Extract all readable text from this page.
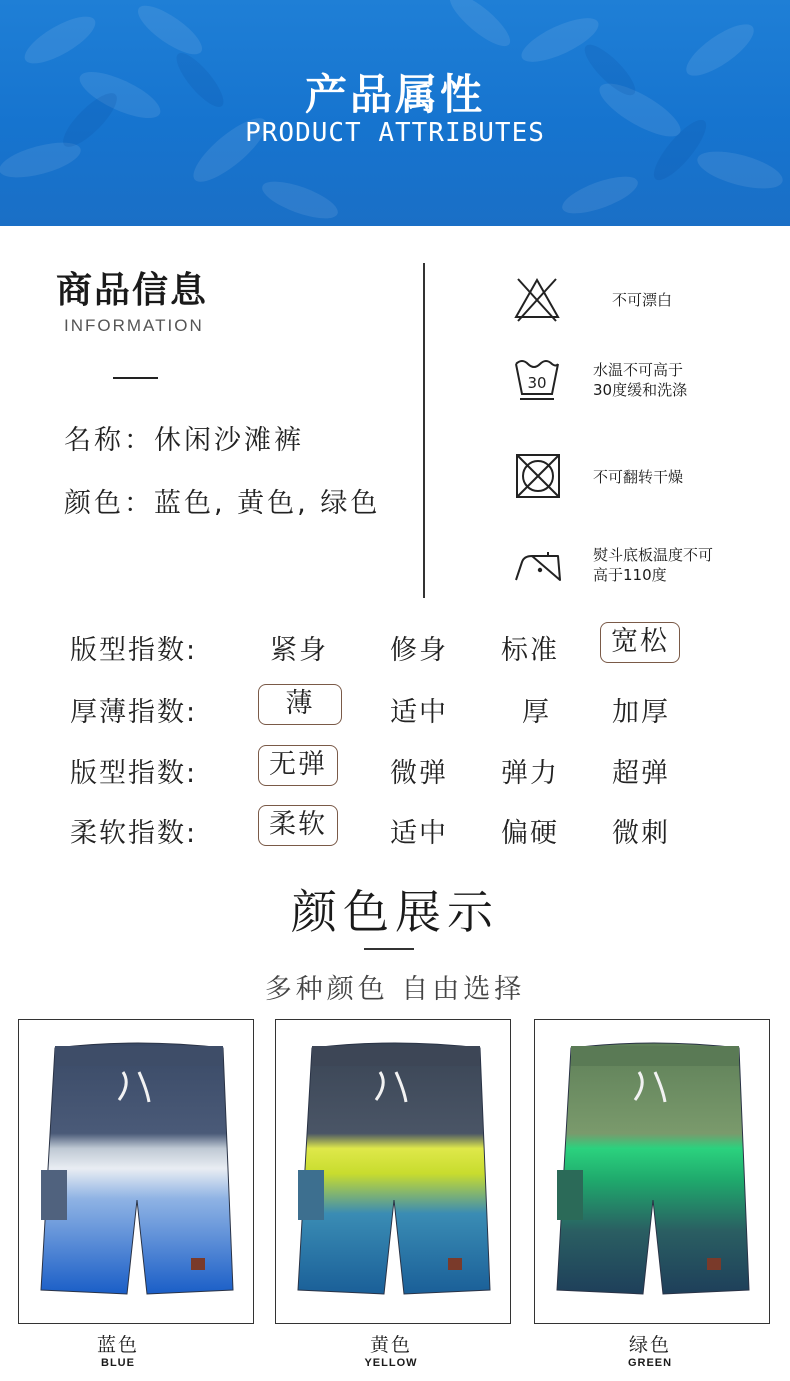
产品属性
PRODUCT ATTRIBUTES
商品信息
INFORMATION
名称：休闲沙滩裤
颜色：蓝色, 黄色, 绿色
不可漂白
30
水温不可高于
30度缓和洗涤
不可翻转干燥
熨斗底板温度不可
高于110度
版型指数:	紧身 修身 标准	宽松
厚薄指数:	薄	适中	厚 加厚
版型指数:	无弹	微弹 弹力 超弹
柔软指数:	柔软	适中 偏硬 微刺
颜色展示
多种颜色 自由选择
蓝色
BLUE
黄色
YELLOW
绿色
GREEN
